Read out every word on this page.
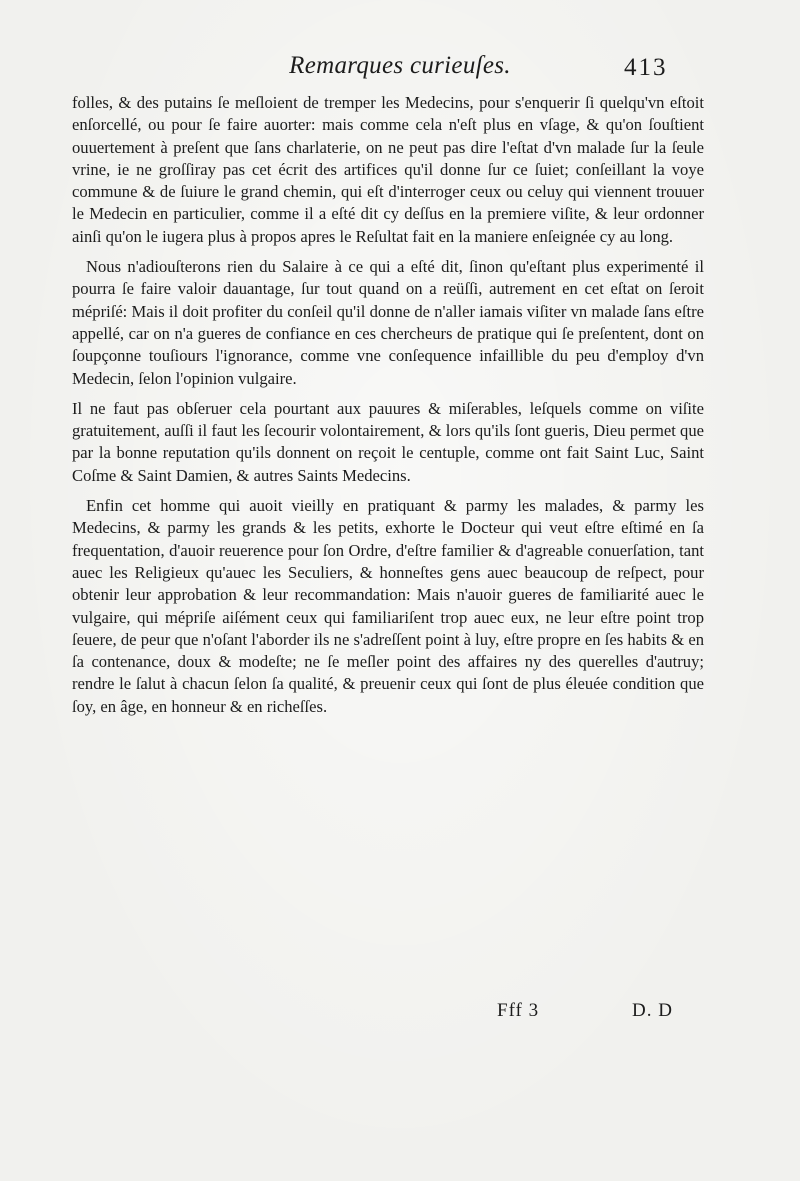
Remarques curieuſes.	413

folles, & des putains ſe meſloient de tremper les Medecins, pour s'enquerir ſi quelqu'vn eſtoit enſorcellé, ou pour ſe faire auorter: mais comme cela n'eſt plus en vſage, & qu'on ſouſtient ouuertement à preſent que ſans charlaterie, on ne peut pas dire l'eſtat d'vn malade ſur la ſeule vrine, ie ne groſſiray pas cet écrit des artifices qu'il donne ſur ce ſuiet; conſeillant la voye commune & de ſuiure le grand chemin, qui eſt d'interroger ceux ou celuy qui viennent trouuer le Medecin en particulier, comme il a eſté dit cy deſſus en la premiere viſite, & leur ordonner ainſi qu'on le iugera plus à propos apres le Reſultat fait en la maniere enſeignée cy au long.

Nous n'adiouſterons rien du Salaire à ce qui a eſté dit, ſinon qu'eſtant plus experimenté il pourra ſe faire valoir dauantage, ſur tout quand on a reüſſi, autrement en cet eſtat on ſeroit mépriſé: Mais il doit profiter du conſeil qu'il donne de n'aller iamais viſiter vn malade ſans eſtre appellé, car on n'a gueres de confiance en ces chercheurs de pratique qui ſe preſentent, dont on ſoupçonne touſiours l'ignorance, comme vne conſequence infaillible du peu d'employ d'vn Medecin, ſelon l'opinion vulgaire.

Il ne faut pas obſeruer cela pourtant aux pauures & miſerables, leſquels comme on viſite gratuitement, auſſi il faut les ſecourir volontairement, & lors qu'ils ſont gueris, Dieu permet que par la bonne reputation qu'ils donnent on reçoit le centuple, comme ont fait Saint Luc, Saint Coſme & Saint Damien, & autres Saints Medecins.

Enfin cet homme qui auoit vieilly en pratiquant & parmy les malades, & parmy les Medecins, & parmy les grands & les petits, exhorte le Docteur qui veut eſtre eſtimé en ſa frequentation, d'auoir reuerence pour ſon Ordre, d'eſtre familier & d'agreable conuerſation, tant auec les Religieux qu'auec les Seculiers, & honneſtes gens auec beaucoup de reſpect, pour obtenir leur approbation & leur recommandation: Mais n'auoir gueres de familiarité auec le vulgaire, qui mépriſe aiſément ceux qui familiariſent trop auec eux, ne leur eſtre point trop ſeuere, de peur que n'oſant l'aborder ils ne s'adreſſent point à luy, eſtre propre en ſes habits & en ſa contenance, doux & modeſte; ne ſe meſler point des affaires ny des querelles d'autruy; rendre le ſalut à chacun ſelon ſa qualité, & preuenir ceux qui ſont de plus éleuée condition que ſoy, en âge, en honneur & en richeſſes.

Fff 3	D. D
